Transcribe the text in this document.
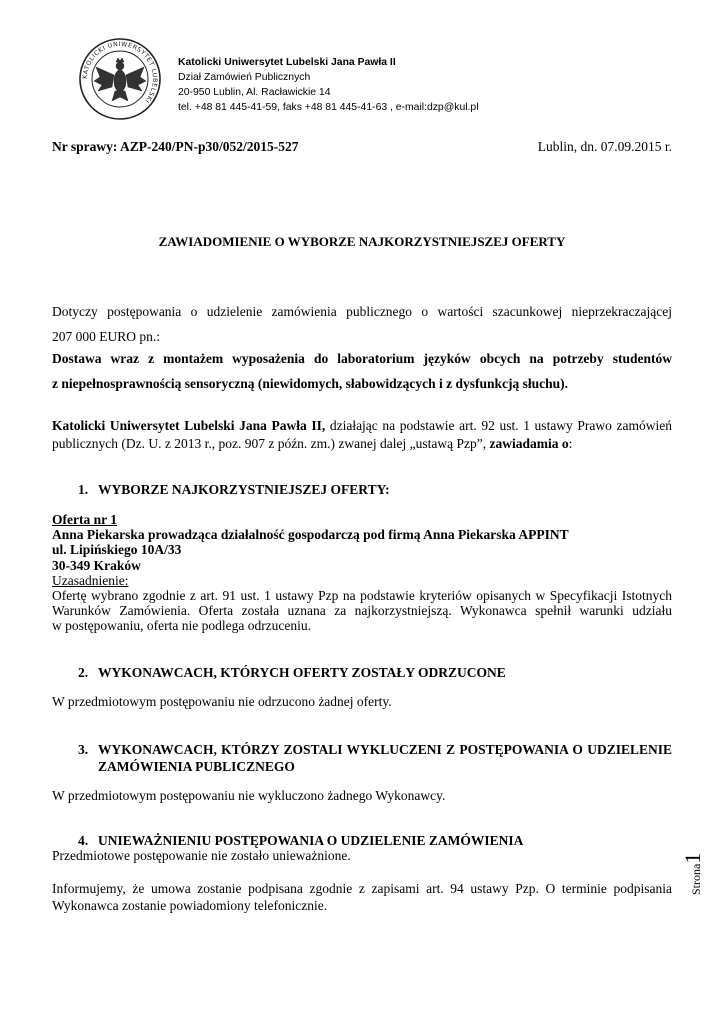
KATOLICKI UNIWERSYTET LUBELSKI
Katolicki Uniwersytet Lubelski Jana Pawła II
Dział Zamówień Publicznych
20-950 Lublin, Al. Racławickie 14
tel. +48 81 445-41-59, faks +48 81 445-41-63 , e-mail:dzp@kul.pl
Nr sprawy: AZP-240/PN-p30/052/2015-527	Lublin, dn. 07.09.2015 r.
ZAWIADOMIENIE O WYBORZE NAJKORZYSTNIEJSZEJ OFERTY
Dotyczy postępowania o udzielenie zamówienia publicznego o wartości szacunkowej nieprzekraczającej
207 000 EURO pn.:
Dostawa wraz z montażem wyposażenia do laboratorium języków obcych na potrzeby studentów
z niepełnosprawnością sensoryczną (niewidomych, słabowidzących i z dysfunkcją słuchu).
Katolicki Uniwersytet Lubelski Jana Pawła II, działając na podstawie art. 92 ust. 1 ustawy Prawo zamówień
publicznych (Dz. U. z 2013 r., poz. 907 z późn. zm.) zwanej dalej „ustawą Pzp”, zawiadamia o:
1. WYBORZE NAJKORZYSTNIEJSZEJ OFERTY:
Oferta nr 1
Anna Piekarska prowadząca działalność gospodarczą pod firmą Anna Piekarska APPINT
ul. Lipińskiego 10A/33
30-349 Kraków
Uzasadnienie:
Ofertę wybrano zgodnie z art. 91 ust. 1 ustawy Pzp na podstawie kryteriów opisanych w Specyfikacji Istotnych
Warunków Zamówienia. Oferta została uznana za najkorzystniejszą. Wykonawca spełnił warunki udziału
w postępowaniu, oferta nie podlega odrzuceniu.
2. WYKONAWCACH, KTÓRYCH OFERTY ZOSTAŁY ODRZUCONE
W przedmiotowym postępowaniu nie odrzucono żadnej oferty.
3. WYKONAWCACH, KTÓRZY ZOSTALI WYKLUCZENI Z POSTĘPOWANIA O UDZIELENIE
ZAMÓWIENIA PUBLICZNEGO
W przedmiotowym postępowaniu nie wykluczono żadnego Wykonawcy.
4. UNIEWAŻNIENIU POSTĘPOWANIA O UDZIELENIE ZAMÓWIENIA
Przedmiotowe postępowanie nie zostało unieważnione.
Informujemy, że umowa zostanie podpisana zgodnie z zapisami art. 94 ustawy Pzp. O terminie podpisania
Wykonawca zostanie powiadomiony telefonicznie.
Strona1
